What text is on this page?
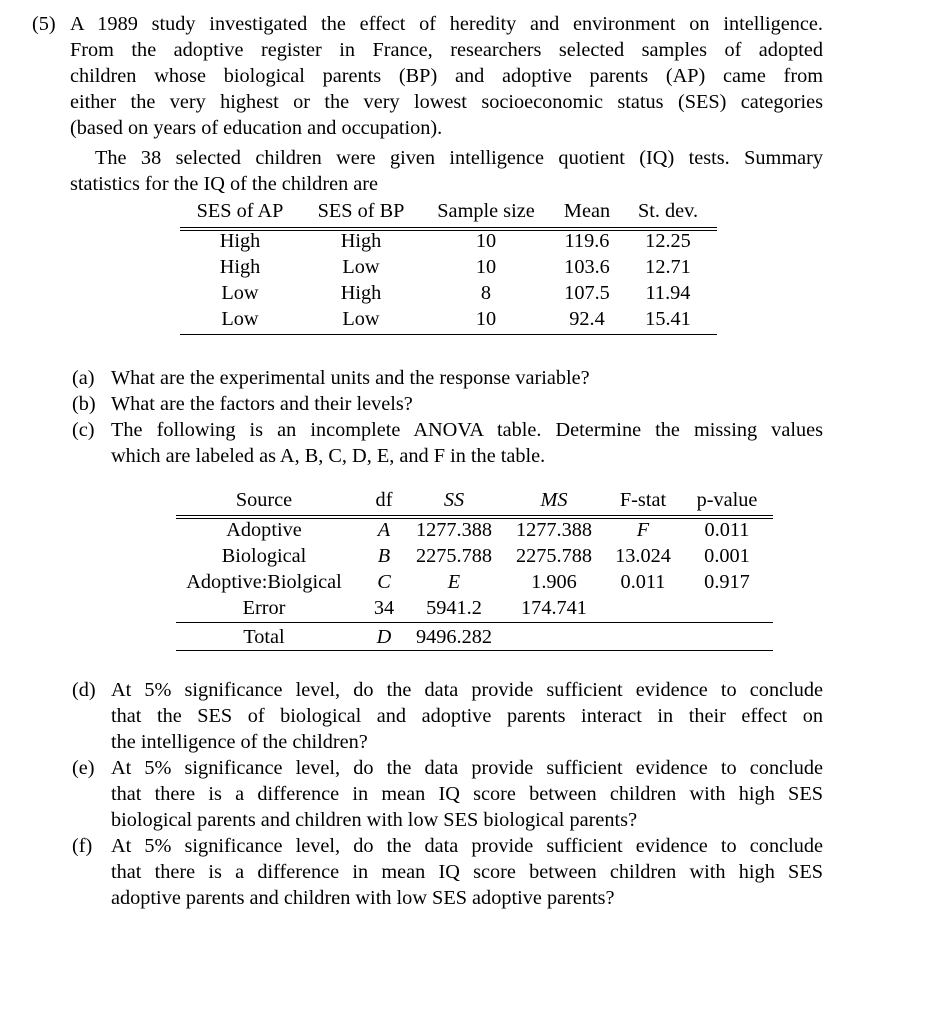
(5) A 1989 study investigated the effect of heredity and environment on intelligence.
From the adoptive register in France, researchers selected samples of adopted
children whose biological parents (BP) and adoptive parents (AP) came from
either the very highest or the very lowest socioeconomic status (SES) categories
(based on years of education and occupation).
The 38 selected children were given intelligence quotient (IQ) tests. Summary
statistics for the IQ of the children are
SES of AP	SES of BP	Sample size	Mean	St. dev.
High	High	10	119.6	12.25
High	Low	10	103.6	12.71
Low	High	8	107.5	11.94
Low	Low	10	92.4	15.41
(a) What are the experimental units and the response variable?
(b) What are the factors and their levels?
(c) The following is an incomplete ANOVA table. Determine the missing values
which are labeled as A, B, C, D, E, and F in the table.
Source	df	SS	MS	F-stat	p-value
Adoptive	A	1277.388	1277.388	F	0.011
Biological	B	2275.788	2275.788	13.024	0.001
Adoptive:Biolgical	C	E	1.906	0.011	0.917
Error	34	5941.2	174.741
Total	D	9496.282
(d) At 5% significance level, do the data provide sufficient evidence to conclude
that the SES of biological and adoptive parents interact in their effect on
the intelligence of the children?
(e) At 5% significance level, do the data provide sufficient evidence to conclude
that there is a difference in mean IQ score between children with high SES
biological parents and children with low SES biological parents?
(f) At 5% significance level, do the data provide sufficient evidence to conclude
that there is a difference in mean IQ score between children with high SES
adoptive parents and children with low SES adoptive parents?
